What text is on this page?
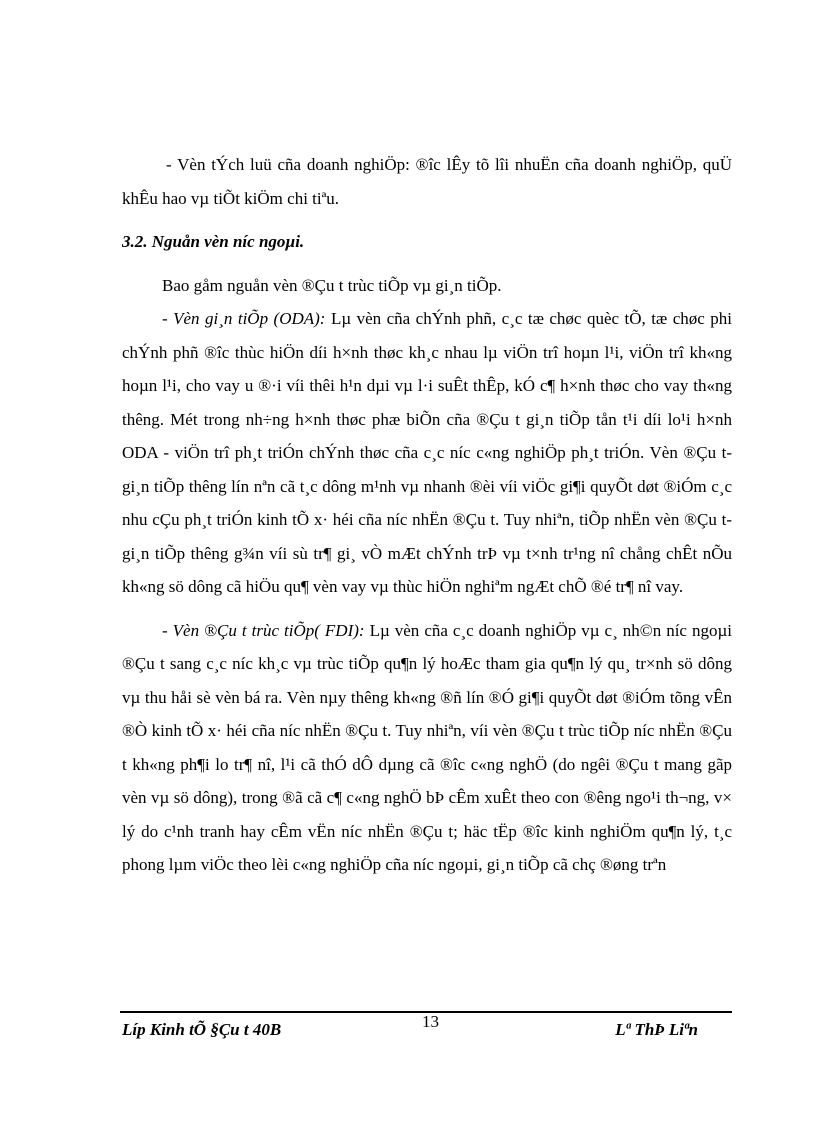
- Vèn tÝch luü cña doanh nghiÖp: ®îc lÊy tõ lîi nhuËn cña doanh nghiÖp, quÜ khÊu hao vµ tiÕt kiÖm chi tiªu.

3.2. Nguån vèn níc ngoµi.

Bao gåm nguån vèn ®Çu t trùc tiÕp vµ gi¸n tiÕp.

- Vèn gi¸n tiÕp (ODA): Lµ vèn cña chÝnh phñ, c¸c tæ chøc quèc tÕ, tæ chøc phi chÝnh phñ ®îc thùc hiÖn díi h×nh thøc kh¸c nhau lµ viÖn trî hoµn l¹i, viÖn trî kh«ng hoµn l¹i, cho vay u ®·i víi thêi h¹n dµi vµ l·i suÊt thÊp, kÓ c¶ h×nh thøc cho vay th«ng thêng. Mét trong nh÷ng h×nh thøc phæ biÕn cña ®Çu t gi¸n tiÕp tån t¹i díi lo¹i h×nh ODA - viÖn trî ph¸t triÓn chÝnh thøc cña c¸c níc c«ng nghiÖp ph¸t triÓn. Vèn ®Çu t gi¸n tiÕp thêng lín nªn cã t¸c dông m¹nh vµ nhanh ®èi víi viÖc gi¶i quyÕt døt ®iÓm c¸c nhu cÇu ph¸t triÓn kinh tÕ x· héi cña níc nhËn ®Çu t. Tuy nhiªn, tiÕp nhËn vèn ®Çu t gi¸n tiÕp thêng g¾n víi sù tr¶ gi¸ vÒ mÆt chÝnh trÞ vµ t×nh tr¹ng nî chång chÊt nÕu kh«ng sö dông cã hiÖu qu¶ vèn vay vµ thùc hiÖn nghiªm ngÆt chÕ ®é tr¶ nî vay.

- Vèn ®Çu t trùc tiÕp( FDI): Lµ vèn cña c¸c doanh nghiÖp vµ c¸ nh©n níc ngoµi ®Çu t sang c¸c níc kh¸c vµ trùc tiÕp qu¶n lý hoÆc tham gia qu¶n lý qu¸ tr×nh sö dông vµ thu håi sè vèn bá ra. Vèn nµy thêng kh«ng ®ñ lín ®Ó gi¶i quyÕt døt ®iÓm tõng vÊn ®Ò kinh tÕ x· héi cña níc nhËn ®Çu t. Tuy nhiªn, víi vèn ®Çu t trùc tiÕp níc nhËn ®Çu t kh«ng ph¶i lo tr¶ nî, l¹i cã thÓ dÔ dµng cã ®îc c«ng nghÖ (do ngêi ®Çu t mang gãp vèn vµ sö dông), trong ®ã cã c¶ c«ng nghÖ bÞ cÊm xuÊt theo con ®êng ngo¹i th¬ng, v× lý do c¹nh tranh hay cÊm vËn níc nhËn ®Çu t; häc tËp ®îc kinh nghiÖm qu¶n lý, t¸c phong lµm viÖc theo lèi c«ng nghiÖp cña níc ngoµi, gi¸n tiÕp cã chç ®øng trªn

Líp Kinh tÕ §Çu t 40B	13	Lª ThÞ Liªn
